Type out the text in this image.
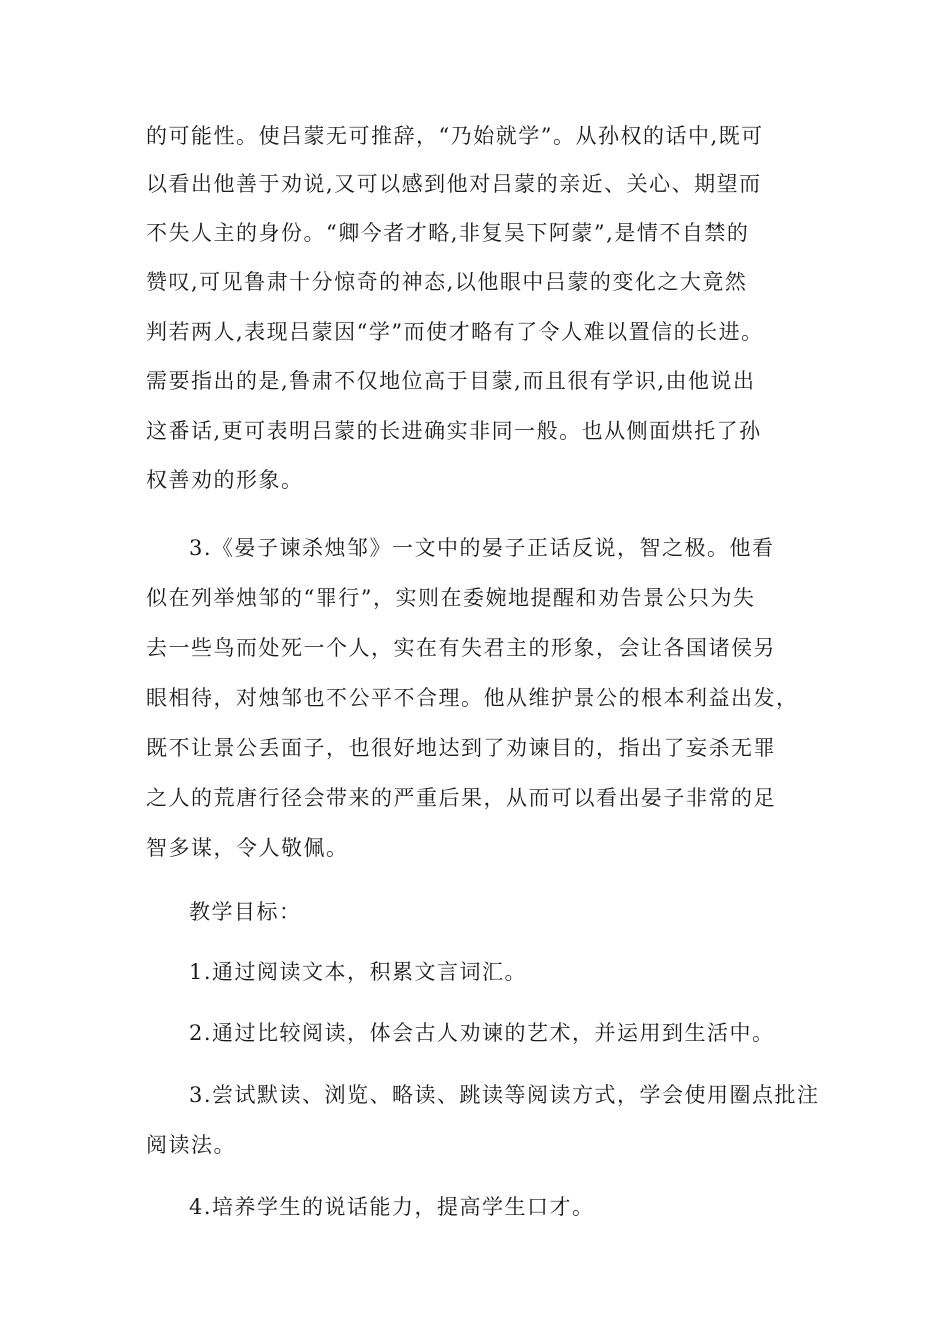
的可能性。使吕蒙无可推辞，“乃始就学”。从孙权的话中,既可
以看出他善于劝说,又可以感到他对吕蒙的亲近、关心、期望而
不失人主的身份。“卿今者才略,非复吴下阿蒙”,是情不自禁的
赞叹,可见鲁肃十分惊奇的神态,以他眼中吕蒙的变化之大竟然
判若两人,表现吕蒙因“学”而使才略有了令人难以置信的长进。
需要指出的是,鲁肃不仅地位高于目蒙,而且很有学识,由他说出
这番话,更可表明吕蒙的长进确实非同一般。也从侧面烘托了孙
权善劝的形象。
3.《晏子谏杀烛邹》一文中的晏子正话反说，智之极。他看
似在列举烛邹的“罪行”，实则在委婉地提醒和劝告景公只为失
去一些鸟而处死一个人，实在有失君主的形象，会让各国诸侯另
眼相待，对烛邹也不公平不合理。他从维护景公的根本利益出发，
既不让景公丢面子，也很好地达到了劝谏目的，指出了妄杀无罪
之人的荒唐行径会带来的严重后果，从而可以看出晏子非常的足
智多谋，令人敬佩。
教学目标：
1.通过阅读文本，积累文言词汇。
2.通过比较阅读，体会古人劝谏的艺术，并运用到生活中。
3.尝试默读、浏览、略读、跳读等阅读方式，学会使用圈点批注
阅读法。
4.培养学生的说话能力，提高学生口才。
